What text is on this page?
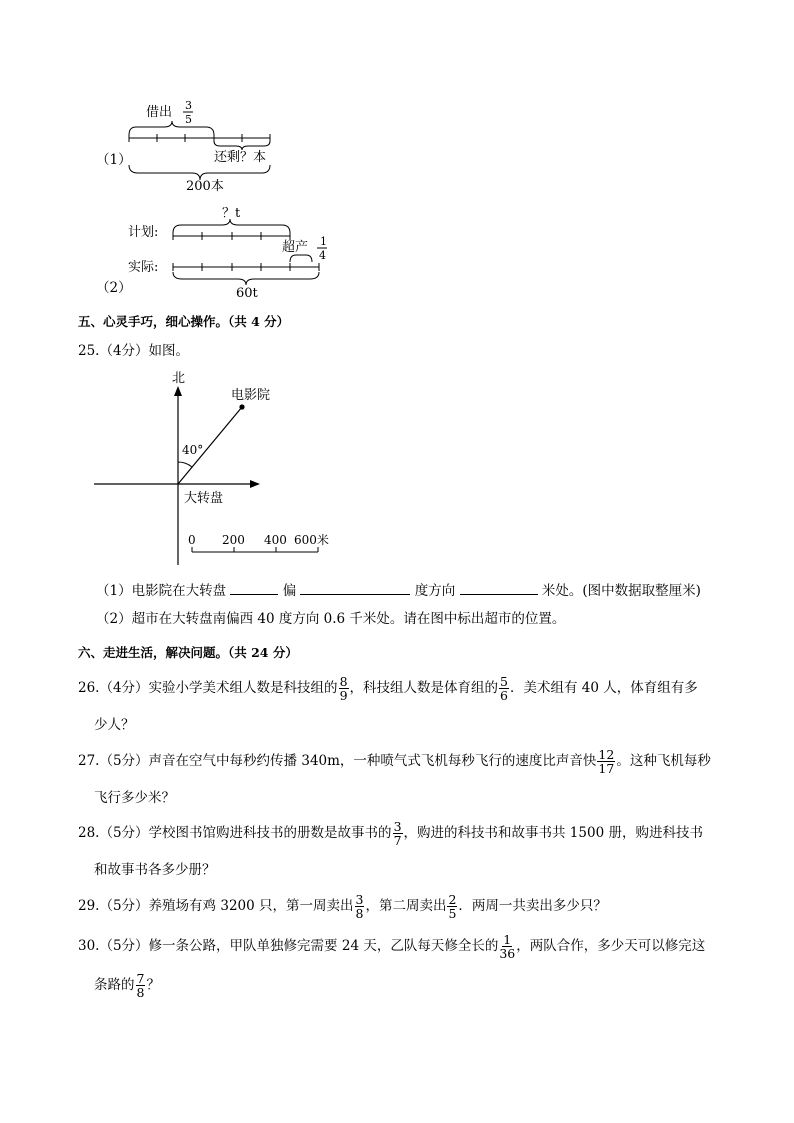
借出 3
5
还剩？本
200本
（1）
？t
计划:
超产 1
4
实际:
60t
（2）
五、心灵手巧，细心操作。（共 4 分）
25.（4分）如图。
北
电影院
40°
大转盘
0 200 400 600米
（1）电影院在大转盘	偏	度方向	米处。(图中数据取整厘米)
（2）超市在大转盘南偏西 40 度方向 0.6 千米处。请在图中标出超市的位置。
六、走进生活，解决问题。（共 24 分）
26.（4分）实验小学美术组人数是科技组的 $\frac{8}{9}$ ，科技组人数是体育组的 $\frac{5}{6}$ ．美术组有 40 人，体育组有多
少人？
27.（5分）声音在空气中每秒约传播 340m，一种喷气式飞机每秒飞行的速度比声音快 $\frac{12}{17}$ 。这种飞机每秒
飞行多少米？
28.（5分）学校图书馆购进科技书的册数是故事书的 $\frac{3}{7}$ ，购进的科技书和故事书共 1500 册，购进科技书
和故事书各多少册？
29.（5分）养殖场有鸡 3200 只，第一周卖出 $\frac{3}{8}$ ，第二周卖出 $\frac{2}{5}$ ．两周一共卖出多少只？
30.（5分）修一条公路，甲队单独修完需要 24 天，乙队每天修全长的 $\frac{1}{36}$ ，两队合作，多少天可以修完这
条路的 $\frac{7}{8}$ ？
